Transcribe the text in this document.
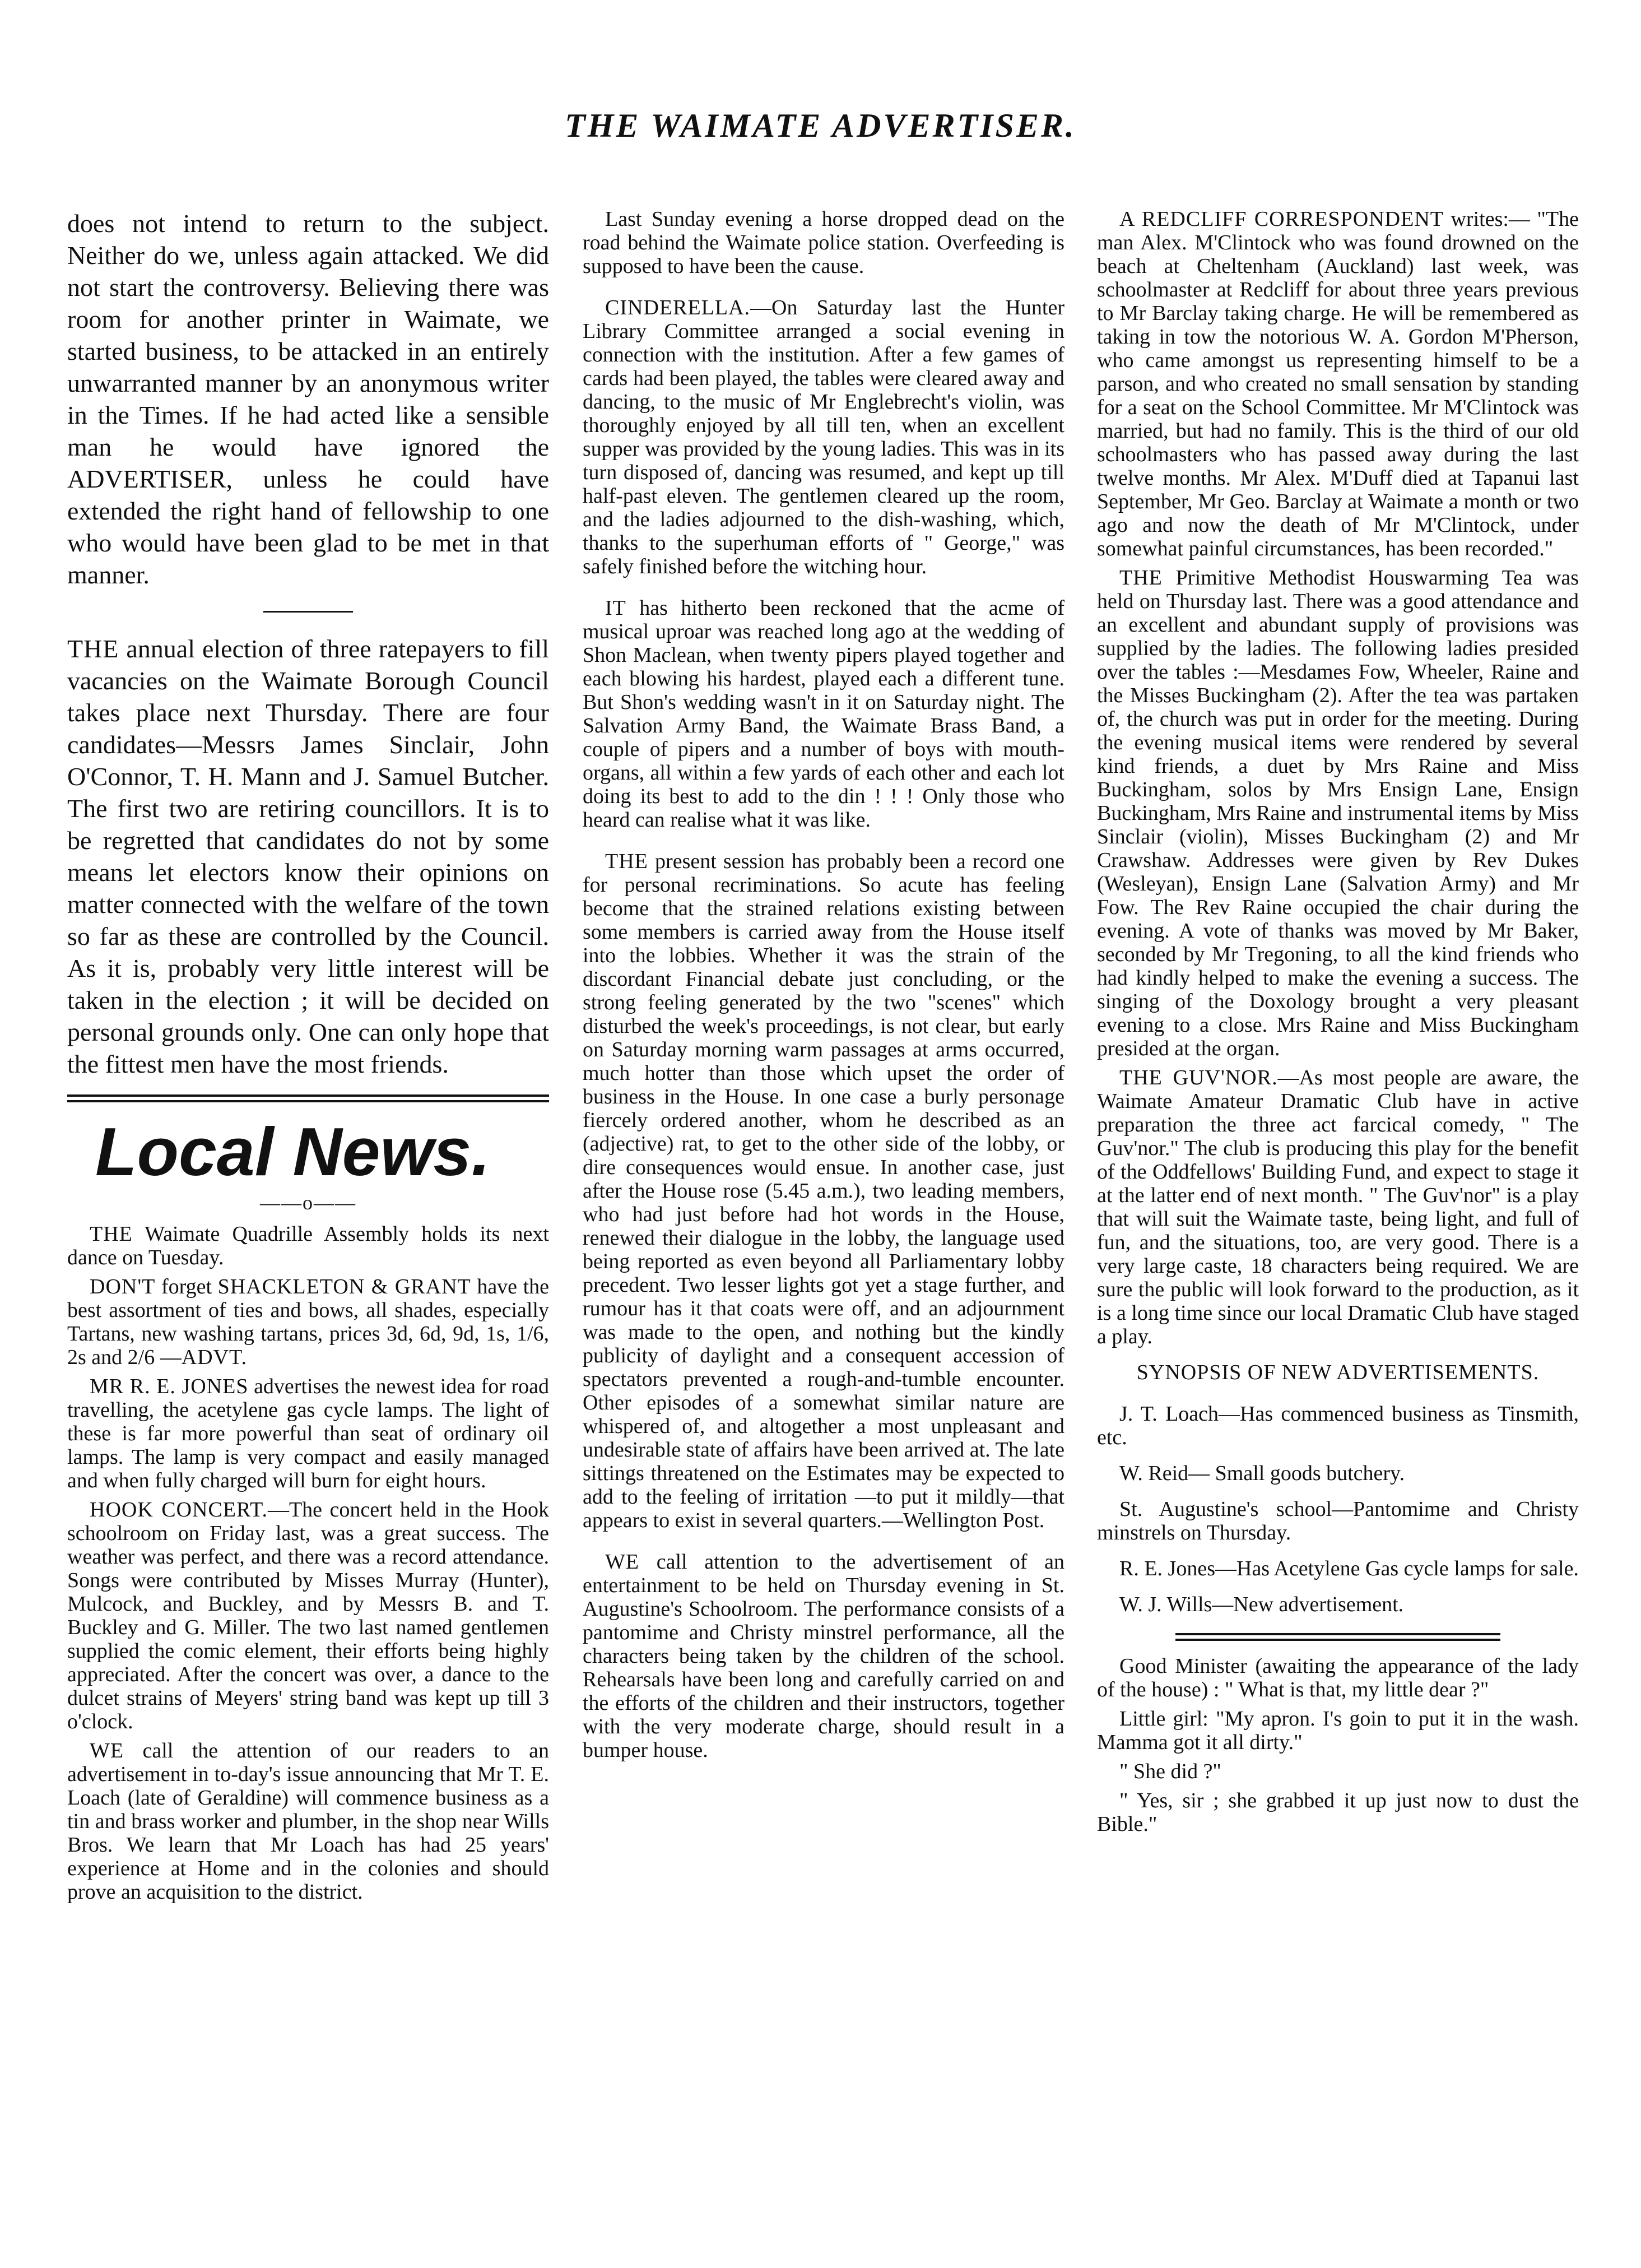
THE WAIMATE ADVERTISER.

does not intend to return to the subject. Neither do we, unless again attacked. We did not start the controversy. Believing there was room for another printer in Waimate, we started business, to be attacked in an entirely unwarranted manner by an anonymous writer in the Times. If he had acted like a sensible man he would have ignored the ADVERTISER, unless he could have extended the right hand of fellowship to one who would have been glad to be met in that manner.

THE annual election of three ratepayers to fill vacancies on the Waimate Borough Council takes place next Thursday. There are four candidates—Messrs James Sinclair, John O'Connor, T. H. Mann and J. Samuel Butcher. The first two are retiring councillors. It is to be regretted that candidates do not by some means let electors know their opinions on matter connected with the welfare of the town so far as these are controlled by the Council. As it is, probably very little interest will be taken in the election ; it will be decided on personal grounds only. One can only hope that the fittest men have the most friends.

Local News.
——o——

THE Waimate Quadrille Assembly holds its next dance on Tuesday.

DON'T forget SHACKLETON & GRANT have the best assortment of ties and bows, all shades, especially Tartans, new washing tartans, prices 3d, 6d, 9d, 1s, 1/6, 2s and 2/6 —ADVT.

MR R. E. JONES advertises the newest idea for road travelling, the acetylene gas cycle lamps. The light of these is far more powerful than seat of ordinary oil lamps. The lamp is very compact and easily managed and when fully charged will burn for eight hours.

HOOK CONCERT.—The concert held in the Hook schoolroom on Friday last, was a great success. The weather was perfect, and there was a record attendance. Songs were contributed by Misses Murray (Hunter), Mulcock, and Buckley, and by Messrs B. and T. Buckley and G. Miller. The two last named gentlemen supplied the comic element, their efforts being highly appreciated. After the concert was over, a dance to the dulcet strains of Meyers' string band was kept up till 3 o'clock.

WE call the attention of our readers to an advertisement in to-day's issue announcing that Mr T. E. Loach (late of Geraldine) will commence business as a tin and brass worker and plumber, in the shop near Wills Bros. We learn that Mr Loach has had 25 years' experience at Home and in the colonies and should prove an acquisition to the district.

Last Sunday evening a horse dropped dead on the road behind the Waimate police station. Overfeeding is supposed to have been the cause.

CINDERELLA.—On Saturday last the Hunter Library Committee arranged a social evening in connection with the institution. After a few games of cards had been played, the tables were cleared away and dancing, to the music of Mr Englebrecht's violin, was thoroughly enjoyed by all till ten, when an excellent supper was provided by the young ladies. This was in its turn disposed of, dancing was resumed, and kept up till half-past eleven. The gentlemen cleared up the room, and the ladies adjourned to the dish-washing, which, thanks to the superhuman efforts of " George," was safely finished before the witching hour.

IT has hitherto been reckoned that the acme of musical uproar was reached long ago at the wedding of Shon Maclean, when twenty pipers played together and each blowing his hardest, played each a different tune. But Shon's wedding wasn't in it on Saturday night. The Salvation Army Band, the Waimate Brass Band, a couple of pipers and a number of boys with mouth-organs, all within a few yards of each other and each lot doing its best to add to the din ! ! ! Only those who heard can realise what it was like.

THE present session has probably been a record one for personal recriminations. So acute has feeling become that the strained relations existing between some members is carried away from the House itself into the lobbies. Whether it was the strain of the discordant Financial debate just concluding, or the strong feeling generated by the two "scenes" which disturbed the week's proceedings, is not clear, but early on Saturday morning warm passages at arms occurred, much hotter than those which upset the order of business in the House. In one case a burly personage fiercely ordered another, whom he described as an (adjective) rat, to get to the other side of the lobby, or dire consequences would ensue. In another case, just after the House rose (5.45 a.m.), two leading members, who had just before had hot words in the House, renewed their dialogue in the lobby, the language used being reported as even beyond all Parliamentary lobby precedent. Two lesser lights got yet a stage further, and rumour has it that coats were off, and an adjournment was made to the open, and nothing but the kindly publicity of daylight and a consequent accession of spectators prevented a rough-and-tumble encounter. Other episodes of a somewhat similar nature are whispered of, and altogether a most unpleasant and undesirable state of affairs have been arrived at. The late sittings threatened on the Estimates may be expected to add to the feeling of irritation —to put it mildly—that appears to exist in several quarters.—Wellington Post.

WE call attention to the advertisement of an entertainment to be held on Thursday evening in St. Augustine's Schoolroom. The performance consists of a pantomime and Christy minstrel performance, all the characters being taken by the children of the school. Rehearsals have been long and carefully carried on and the efforts of the children and their instructors, together with the very moderate charge, should result in a bumper house.

A REDCLIFF CORRESPONDENT writes:— "The man Alex. M'Clintock who was found drowned on the beach at Cheltenham (Auckland) last week, was schoolmaster at Redcliff for about three years previous to Mr Barclay taking charge. He will be remembered as taking in tow the notorious W. A. Gordon M'Pherson, who came amongst us representing himself to be a parson, and who created no small sensation by standing for a seat on the School Committee. Mr M'Clintock was married, but had no family. This is the third of our old schoolmasters who has passed away during the last twelve months. Mr Alex. M'Duff died at Tapanui last September, Mr Geo. Barclay at Waimate a month or two ago and now the death of Mr M'Clintock, under somewhat painful circumstances, has been recorded."

THE Primitive Methodist Houswarming Tea was held on Thursday last. There was a good attendance and an excellent and abundant supply of provisions was supplied by the ladies. The following ladies presided over the tables :—Mesdames Fow, Wheeler, Raine and the Misses Buckingham (2). After the tea was partaken of, the church was put in order for the meeting. During the evening musical items were rendered by several kind friends, a duet by Mrs Raine and Miss Buckingham, solos by Mrs Ensign Lane, Ensign Buckingham, Mrs Raine and instrumental items by Miss Sinclair (violin), Misses Buckingham (2) and Mr Crawshaw. Addresses were given by Rev Dukes (Wesleyan), Ensign Lane (Salvation Army) and Mr Fow. The Rev Raine occupied the chair during the evening. A vote of thanks was moved by Mr Baker, seconded by Mr Tregoning, to all the kind friends who had kindly helped to make the evening a success. The singing of the Doxology brought a very pleasant evening to a close. Mrs Raine and Miss Buckingham presided at the organ.

THE GUV'NOR.—As most people are aware, the Waimate Amateur Dramatic Club have in active preparation the three act farcical comedy, " The Guv'nor." The club is producing this play for the benefit of the Oddfellows' Building Fund, and expect to stage it at the latter end of next month. " The Guv'nor" is a play that will suit the Waimate taste, being light, and full of fun, and the situations, too, are very good. There is a very large caste, 18 characters being required. We are sure the public will look forward to the production, as it is a long time since our local Dramatic Club have staged a play.

SYNOPSIS OF NEW ADVERTISEMENTS.

J. T. Loach—Has commenced business as Tinsmith, etc.

W. Reid— Small goods butchery.

St. Augustine's school—Pantomime and Christy minstrels on Thursday.

R. E. Jones—Has Acetylene Gas cycle lamps for sale.

W. J. Wills—New advertisement.

Good Minister (awaiting the appearance of the lady of the house) : " What is that, my little dear ?"

Little girl: "My apron. I's goin to put it in the wash. Mamma got it all dirty."

" She did ?"

" Yes, sir ; she grabbed it up just now to dust the Bible."
